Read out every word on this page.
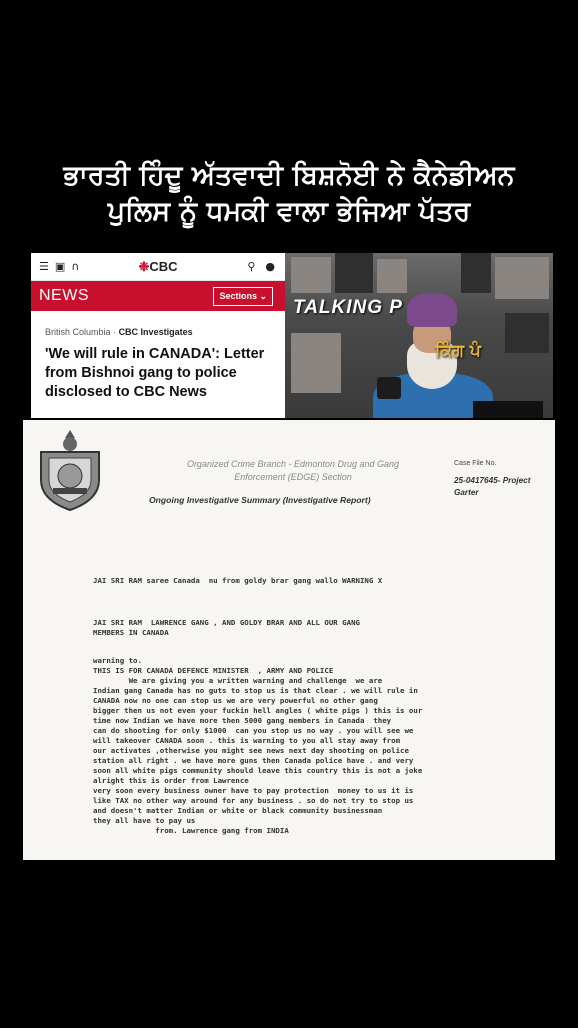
ਭਾਰਤੀ ਹਿੰਦੂ ਅੱਤਵਾਦੀ ਬਿਸ਼ਨੋਈ ਨੇ ਕੈਨੇਡੀਅਨ
ਪੁਲਿਸ ਨੂੰ ਧਮਕੀ ਵਾਲਾ ਭੇਜਿਆ ਪੱਤਰ
☰ ▣ ∩	❉CBC	⚲ ●
NEWS	Sections ⌄
British Columbia · CBC Investigates
'We will rule in CANADA': Letter from Bishnoi gang to police disclosed to CBC News
TALKING P
ਕਿੰਗ ਪੰ
Organized Crime Branch - Edmonton Drug and Gang
Enforcement (EDGE) Section
Ongoing Investigative Summary (Investigative Report)
Case File No.
25-0417645- Project Garter
JAI SRI RAM saree Canada  nu from goldy brar gang wallo WARNING X
JAI SRI RAM  LAWRENCE GANG , AND GOLDY BRAR AND ALL OUR GANG
MEMBERS IN CANADA
warning to.
THIS IS FOR CANADA DEFENCE MINISTER  , ARMY AND POLICE
We are giving you a written warning and challenge  we are
Indian gang Canada has no guts to stop us is that clear . we will rule in
CANADA now no one can stop us we are very powerful no other gang
bigger then us not even your fuckin hell angles ( white pigs ) this is our
time now Indian we have more then 5000 gang members in Canada  they
can do shooting for only $1000  can you stop us no way . you will see we
will takeover CANADA soon . this is warning to you all stay away from
our activates ,otherwise you might see news next day shooting on police
station all right . we have more guns then Canada police have . and very
soon all white pigs community should leave this country this is not a joke
alright this is order from Lawrence
very soon every business owner have to pay protection  money to us it is
like TAX no other way around for any business . so do not try to stop us
and doesn't matter Indian or white or black community businessman
they all have to pay us
from. Lawrence gang from INDIA
